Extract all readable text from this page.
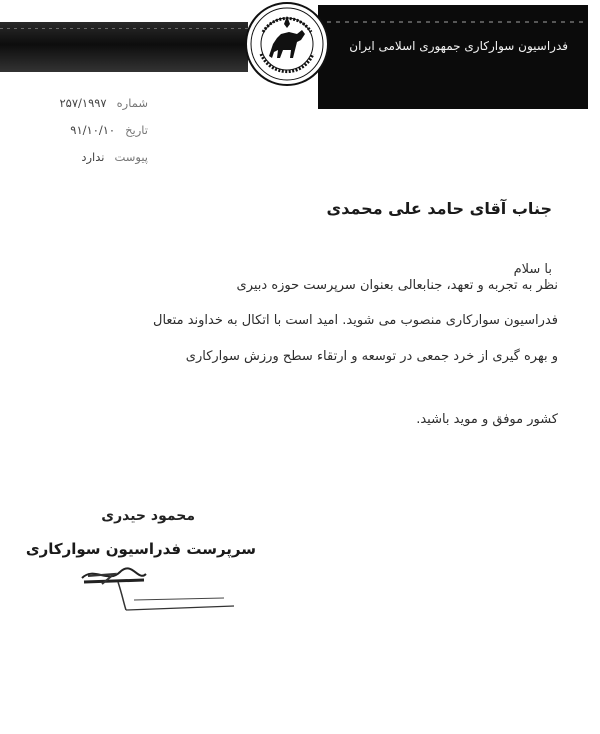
فدراسیون سوارکاری جمهوری اسلامی ایران
شماره
۲۵۷/۱۹۹۷
تاریخ
۹۱/۱۰/۱۰
پیوست
ندارد
جناب آقای حامد علی محمدی
با سلام
نظر به تجربه و تعهد، جنابعالی بعنوان سرپرست حوزه دبیری
فدراسیون سوارکاری منصوب می شوید. امید است با اتکال به خداوند متعال
و بهره گیری از خرد جمعی در توسعه و ارتقاء سطح ورزش سوارکاری
کشور موفق و موید باشید.
محمود حیدری
سرپرست فدراسیون سوارکاری
